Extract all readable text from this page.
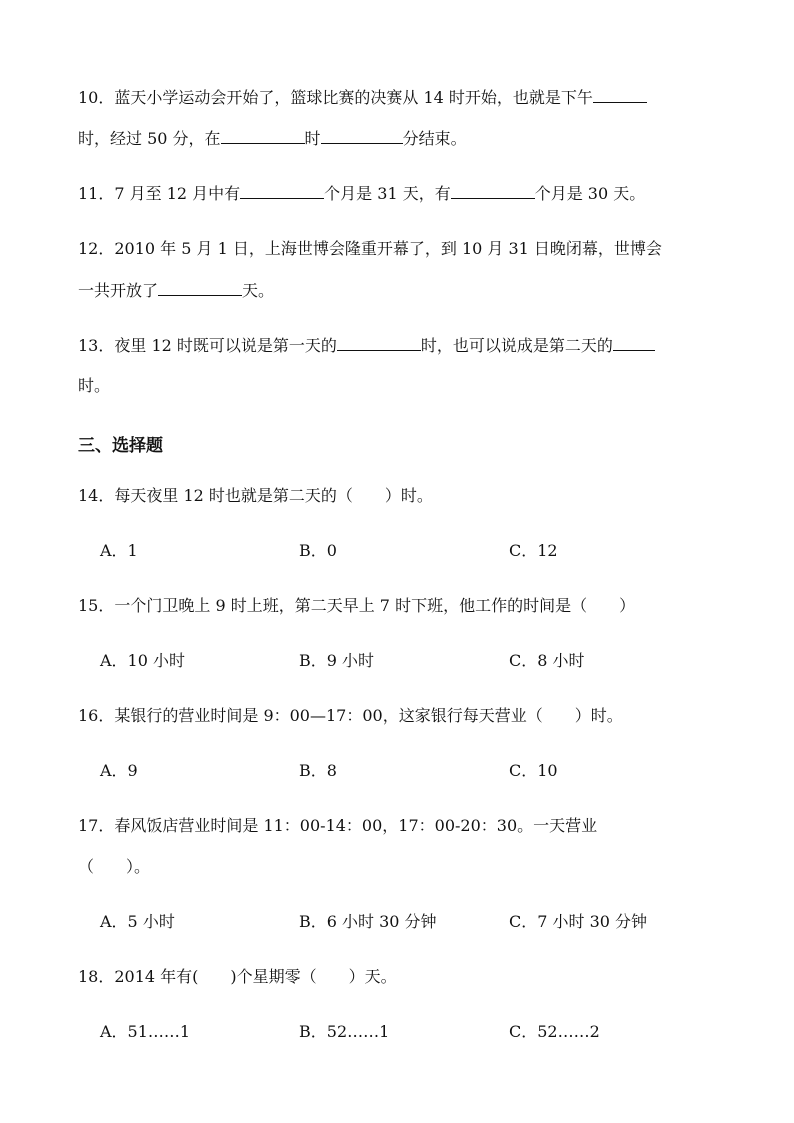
10．蓝天小学运动会开始了，篮球比赛的决赛从 14 时开始，也就是下午
时，经过 50 分，在	时	分结束。
11．7 月至 12 月中有	个月是 31 天，有	个月是 30 天。
12．2010 年 5 月 1 日，上海世博会隆重开幕了，到 10 月 31 日晚闭幕，世博会
一共开放了	天。
13．夜里 12 时既可以说是第一天的	时，也可以说成是第二天的
时。
三、选择题
14．每天夜里 12 时也就是第二天的（　　）时。
A．1	B．0	C．12
15．一个门卫晚上 9 时上班，第二天早上 7 时下班，他工作的时间是（　　）
A．10 小时	B．9 小时	C．8 小时
16．某银行的营业时间是 9：00—17：00，这家银行每天营业（　　）时。
A．9	B．8	C．10
17．春风饭店营业时间是 11：00-14：00，17：00-20：30。一天营业
（　　）。
A．5 小时	B．6 小时 30 分钟	C．7 小时 30 分钟
18．2014 年有(　　)个星期零（　　）天。
A．51……1	B．52……1	C．52……2
